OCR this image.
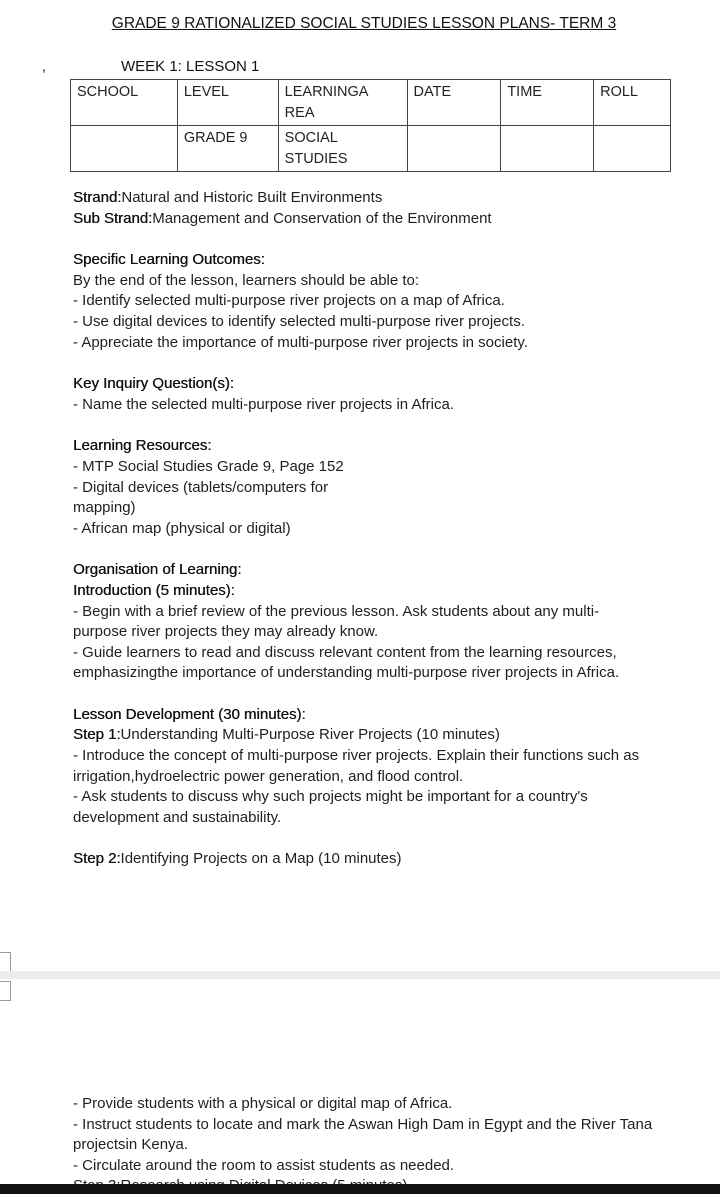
GRADE 9 RATIONALIZED SOCIAL STUDIES LESSON PLANS- TERM 3
,	WEEK 1: LESSON 1
SCHOOL	LEVEL	LEARNINGA REA	DATE	TIME	ROLL
	GRADE 9	SOCIAL STUDIES			

Strand:Natural and Historic Built Environments

Sub Strand:Management and Conservation of the Environment

Specific Learning Outcomes:

By the end of the lesson, learners should be able to:

- Identify selected multi-purpose river projects on a map of Africa.

- Use digital devices to identify selected multi-purpose river projects.

- Appreciate the importance of multi-purpose river projects in society.

Key Inquiry Question(s):

- Name the selected multi-purpose river projects in Africa.

Learning Resources:

- MTP Social Studies Grade 9, Page 152

- Digital devices (tablets/computers for

mapping)

- African map (physical or digital)

Organisation of Learning:

Introduction (5 minutes):

- Begin with a brief review of the previous lesson. Ask students about any multi-

purpose river projects they may already know.

- Guide learners to read and discuss relevant content from the learning resources,

emphasizingthe importance of understanding multi-purpose river projects in Africa.

Lesson Development (30 minutes):

Step 1:Understanding Multi-Purpose River Projects (10 minutes)

- Introduce the concept of multi-purpose river projects. Explain their functions such as

irrigation,hydroelectric power generation, and flood control.

- Ask students to discuss why such projects might be important for a country's

development and sustainability.

Step 2:Identifying Projects on a Map (10 minutes)

- Provide students with a physical or digital map of Africa.

- Instruct students to locate and mark the Aswan High Dam in Egypt and the River Tana

projectsin Kenya.

- Circulate around the room to assist students as needed.
